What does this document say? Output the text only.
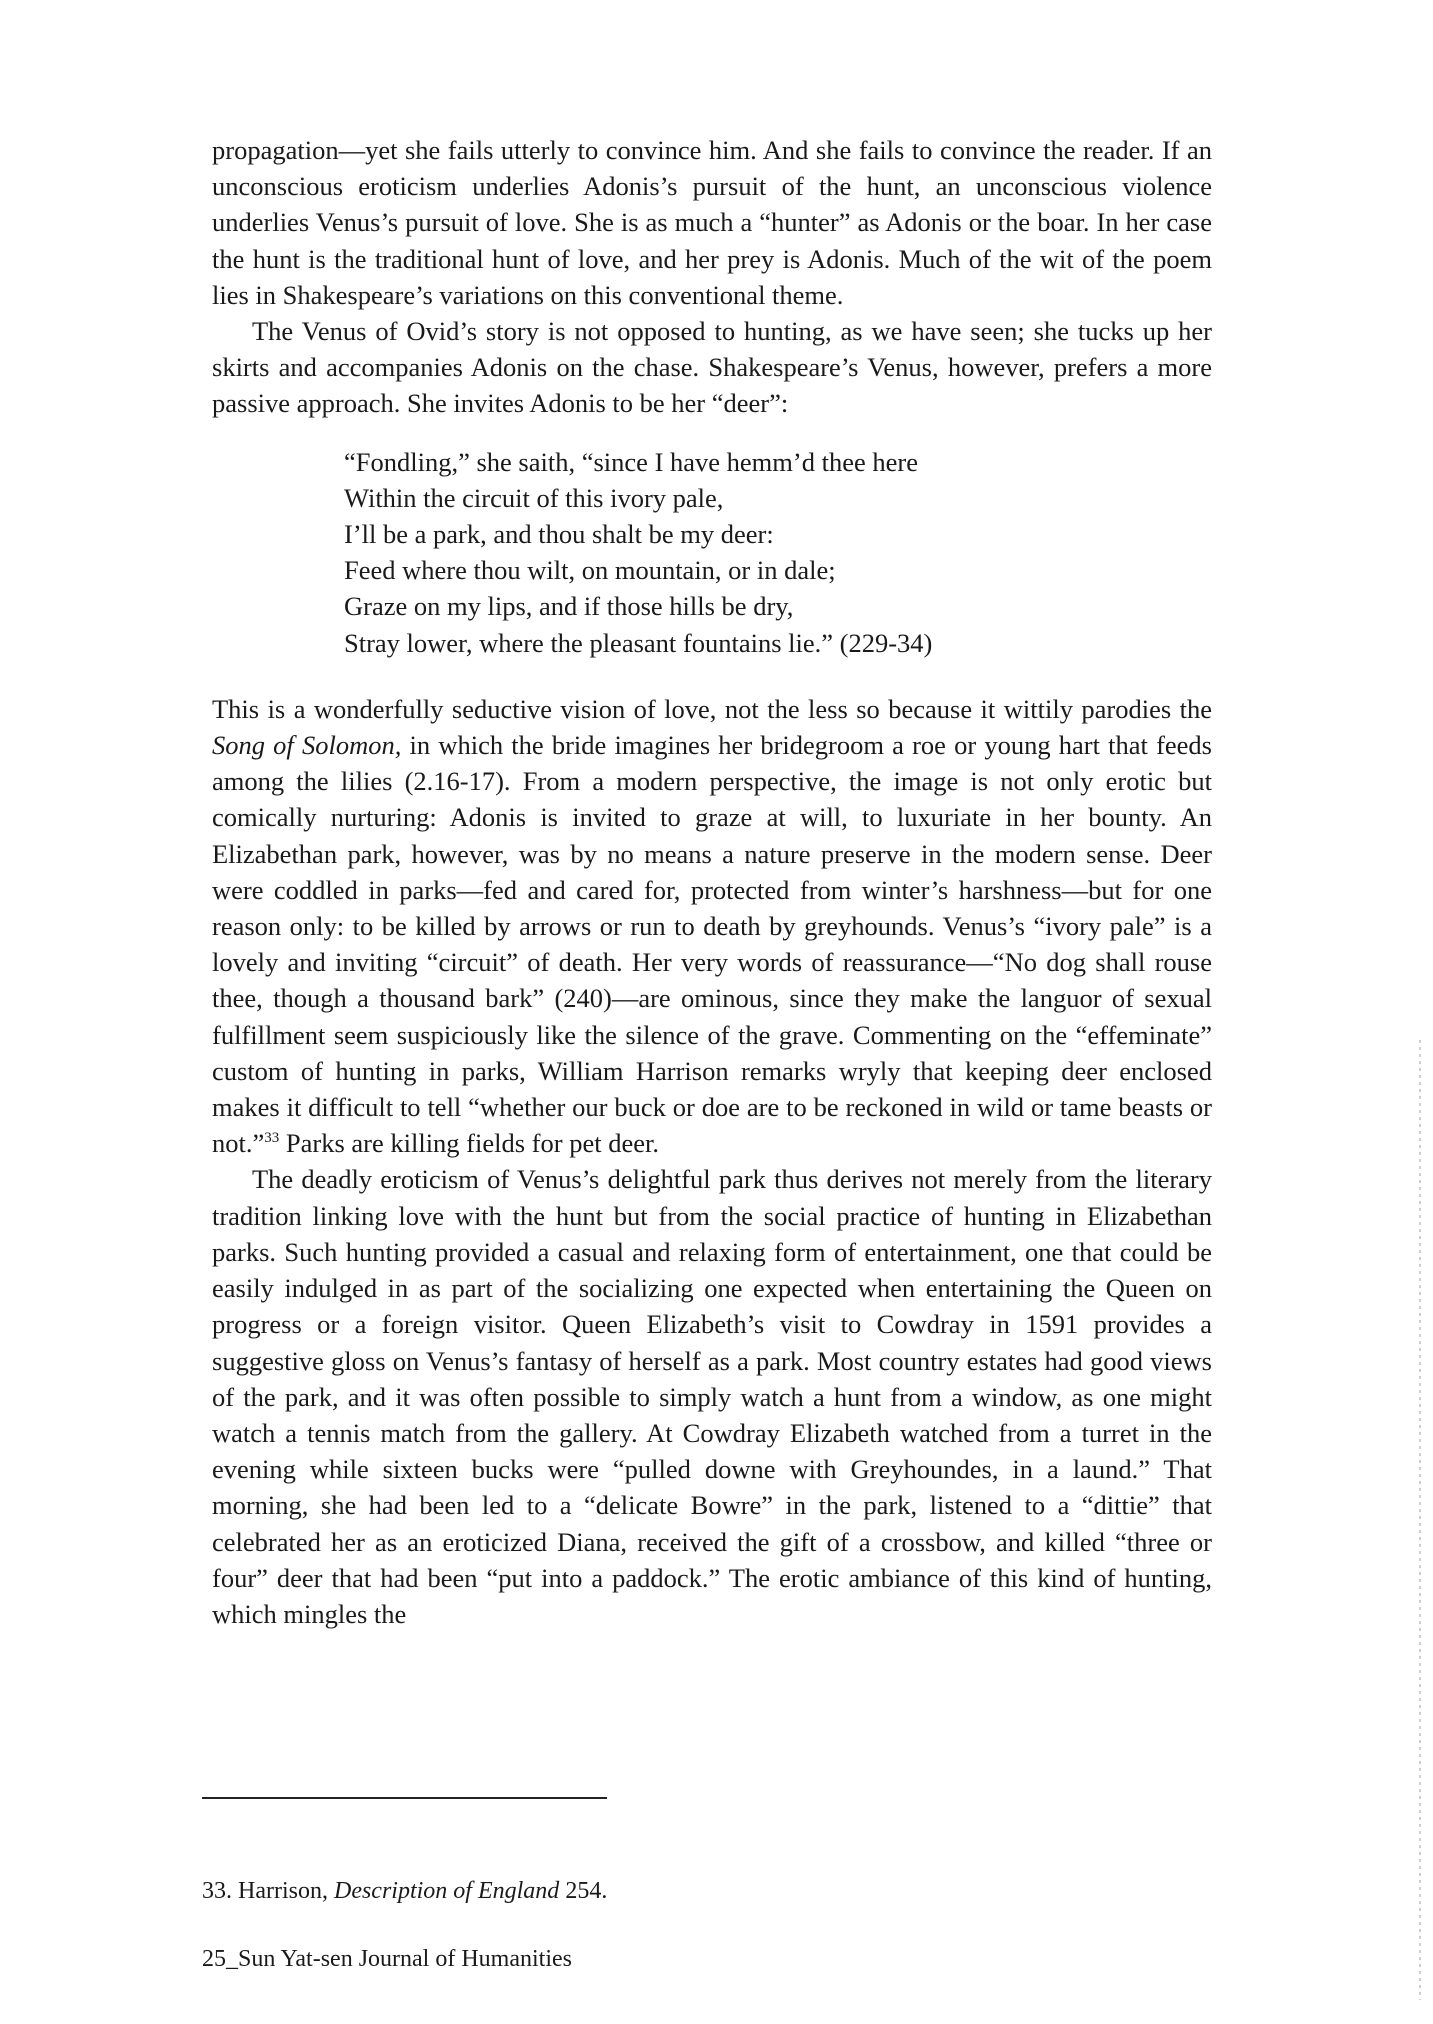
propagation—yet she fails utterly to convince him. And she fails to convince the reader. If an unconscious eroticism underlies Adonis’s pursuit of the hunt, an unconscious violence underlies Venus’s pursuit of love. She is as much a “hunter” as Adonis or the boar. In her case the hunt is the traditional hunt of love, and her prey is Adonis. Much of the wit of the poem lies in Shakespeare’s variations on this conventional theme.

The Venus of Ovid’s story is not opposed to hunting, as we have seen; she tucks up her skirts and accompanies Adonis on the chase. Shakespeare’s Venus, however, prefers a more passive approach. She invites Adonis to be her “deer”:

“Fondling,” she saith, “since I have hemm’d thee here
Within the circuit of this ivory pale,
I’ll be a park, and thou shalt be my deer:
Feed where thou wilt, on mountain, or in dale;
Graze on my lips, and if those hills be dry,
Stray lower, where the pleasant fountains lie.” (229-34)

This is a wonderfully seductive vision of love, not the less so because it wittily parodies the Song of Solomon, in which the bride imagines her bridegroom a roe or young hart that feeds among the lilies (2.16-17). From a modern perspective, the image is not only erotic but comically nurturing: Adonis is invited to graze at will, to luxuriate in her bounty. An Elizabethan park, however, was by no means a nature preserve in the modern sense. Deer were coddled in parks—fed and cared for, protected from winter’s harshness—but for one reason only: to be killed by arrows or run to death by greyhounds. Venus’s “ivory pale” is a lovely and inviting “circuit” of death. Her very words of reassurance—“No dog shall rouse thee, though a thousand bark” (240)—are ominous, since they make the languor of sexual fulfillment seem suspiciously like the silence of the grave. Commenting on the “effeminate” custom of hunting in parks, William Harrison remarks wryly that keeping deer enclosed makes it difficult to tell “whether our buck or doe are to be reckoned in wild or tame beasts or not.”$^{33}$ Parks are killing fields for pet deer.

The deadly eroticism of Venus’s delightful park thus derives not merely from the literary tradition linking love with the hunt but from the social practice of hunting in Elizabethan parks. Such hunting provided a casual and relaxing form of entertainment, one that could be easily indulged in as part of the socializing one expected when entertaining the Queen on progress or a foreign visitor. Queen Elizabeth’s visit to Cowdray in 1591 provides a suggestive gloss on Venus’s fantasy of herself as a park. Most country estates had good views of the park, and it was often possible to simply watch a hunt from a window, as one might watch a tennis match from the gallery. At Cowdray Elizabeth watched from a turret in the evening while sixteen bucks were “pulled downe with Greyhoundes, in a laund.” That morning, she had been led to a “delicate Bowre” in the park, listened to a “dittie” that celebrated her as an eroticized Diana, received the gift of a crossbow, and killed “three or four” deer that had been “put into a paddock.” The erotic ambiance of this kind of hunting, which mingles the

33. Harrison, Description of England 254.
25_Sun Yat-sen Journal of Humanities
